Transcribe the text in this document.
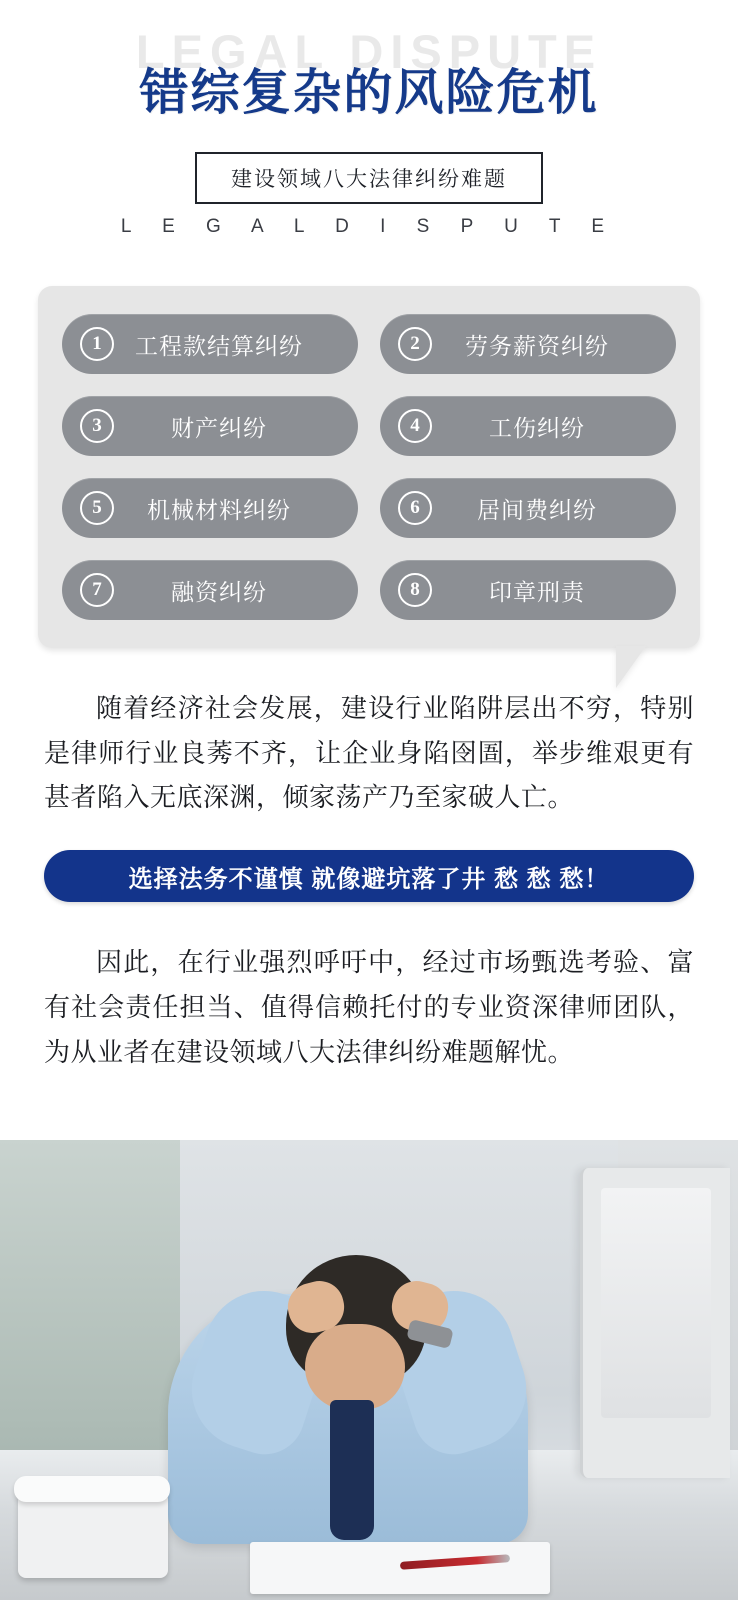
LEGAL DISPUTE
错综复杂的风险危机
建设领域八大法律纠纷难题
L E G A L D I S P U T E
1	工程款结算纠纷	2	劳务薪资纠纷
3	财产纠纷	4	工伤纠纷
5	机械材料纠纷	6	居间费纠纷
7	融资纠纷	8	印章刑责

随着经济社会发展，建设行业陷阱层出不穷，特别是律师行业良莠不齐，让企业身陷囹圄，举步维艰更有甚者陷入无底深渊，倾家荡产乃至家破人亡。

选择法务不谨慎 就像避坑落了井 愁 愁 愁！

因此，在行业强烈呼吁中，经过市场甄选考验、富有社会责任担当、值得信赖托付的专业资深律师团队，为从业者在建设领域八大法律纠纷难题解忧。
